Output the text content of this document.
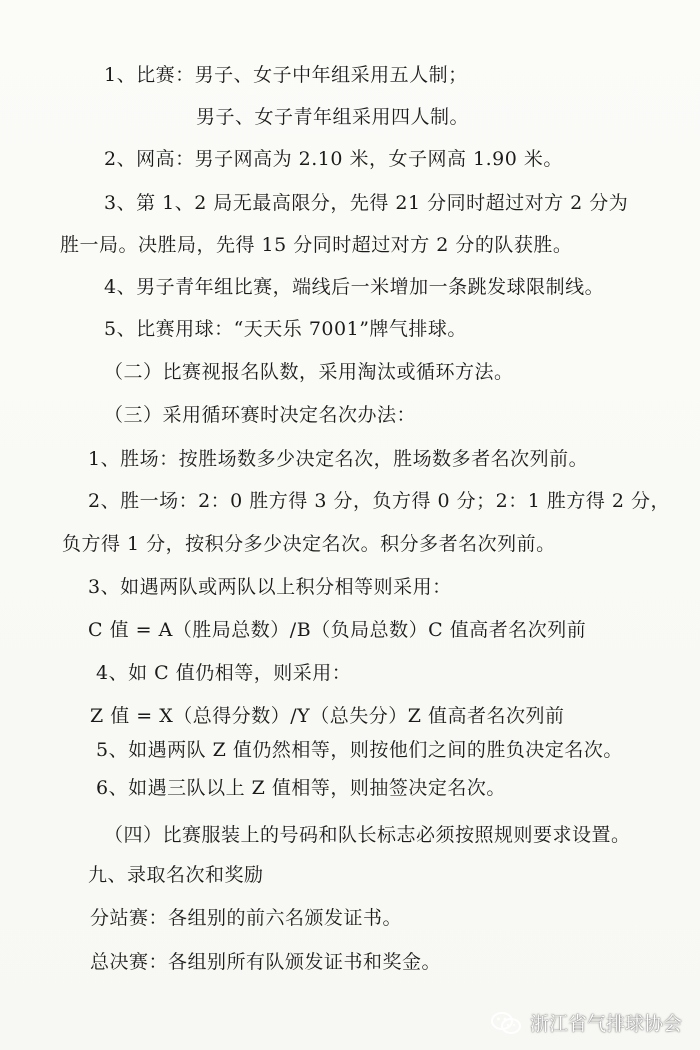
1、比赛：男子、女子中年组采用五人制；
男子、女子青年组采用四人制。
2、网高：男子网高为 2.10 米，女子网高 1.90 米。
3、第 1、2 局无最高限分，先得 21 分同时超过对方 2 分为
胜一局。决胜局，先得 15 分同时超过对方 2 分的队获胜。
4、男子青年组比赛，端线后一米增加一条跳发球限制线。
5、比赛用球：“天天乐 7001”牌气排球。
（二）比赛视报名队数，采用淘汰或循环方法。
（三）采用循环赛时决定名次办法：
1、胜场：按胜场数多少决定名次，胜场数多者名次列前。
2、胜一场：2：0 胜方得 3 分，负方得 0 分；2：1 胜方得 2 分，
负方得 1 分，按积分多少决定名次。积分多者名次列前。
3、如遇两队或两队以上积分相等则采用：
C 值 = A（胜局总数）/B（负局总数）C 值高者名次列前
4、如 C 值仍相等，则采用：
Z 值 = X（总得分数）/Y（总失分）Z 值高者名次列前
5、如遇两队 Z 值仍然相等，则按他们之间的胜负决定名次。
6、如遇三队以上 Z 值相等，则抽签决定名次。
（四）比赛服装上的号码和队长标志必须按照规则要求设置。
九、录取名次和奖励
分站赛：各组别的前六名颁发证书。
总决赛：各组别所有队颁发证书和奖金。
浙江省气排球协会
